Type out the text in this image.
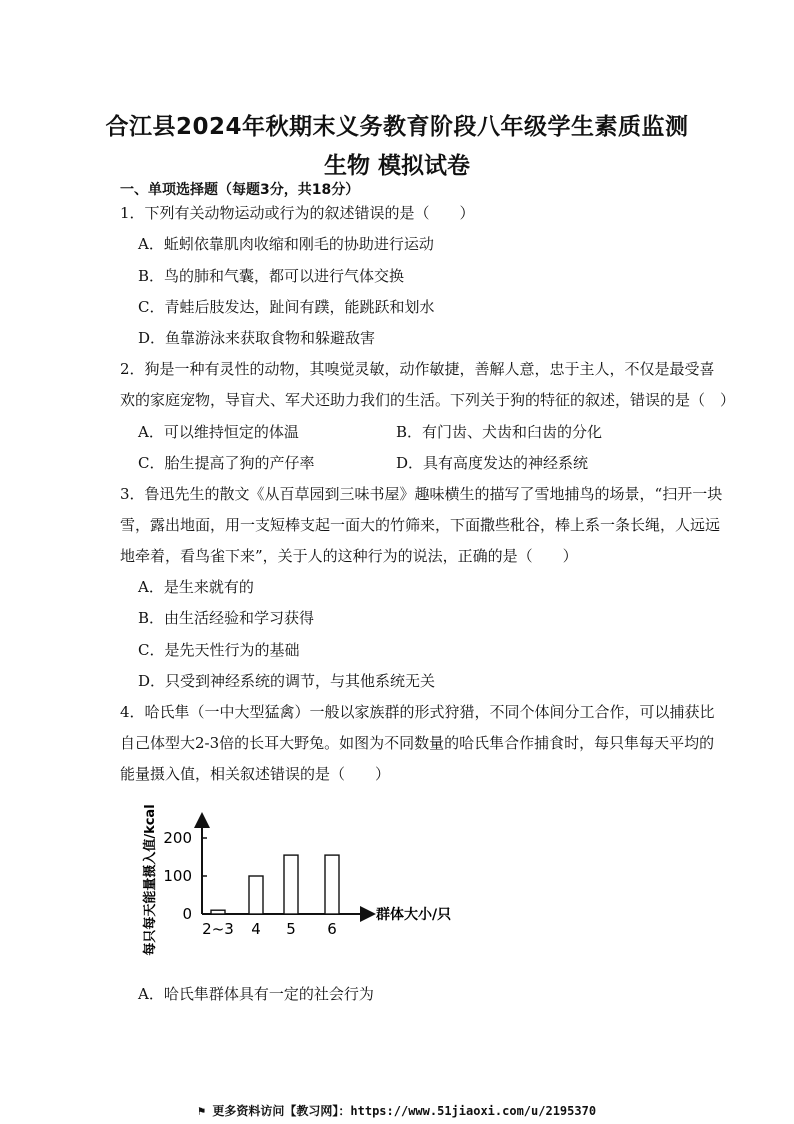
合江县2024年秋期末义务教育阶段八年级学生素质监测
生物 模拟试卷
一、单项选择题（每题3分，共18分）
1．下列有关动物运动或行为的叙述错误的是（　　）
A．蚯蚓依靠肌肉收缩和刚毛的协助进行运动
B．鸟的肺和气囊，都可以进行气体交换
C．青蛙后肢发达，趾间有蹼，能跳跃和划水
D．鱼靠游泳来获取食物和躲避敌害
2．狗是一种有灵性的动物，其嗅觉灵敏，动作敏捷，善解人意，忠于主人，不仅是最受喜
欢的家庭宠物，导盲犬、军犬还助力我们的生活。下列关于狗的特征的叙述，错误的是（　）
A．可以维持恒定的体温	B．有门齿、犬齿和臼齿的分化
C．胎生提高了狗的产仔率	D．具有高度发达的神经系统
3．鲁迅先生的散文《从百草园到三味书屋》趣味横生的描写了雪地捕鸟的场景，“扫开一块
雪，露出地面，用一支短棒支起一面大的竹筛来，下面撒些秕谷，棒上系一条长绳，人远远
地牵着，看鸟雀下来”，关于人的这种行为的说法，正确的是（　　）
A．是生来就有的
B．由生活经验和学习获得
C．是先天性行为的基础
D．只受到神经系统的调节，与其他系统无关
4．哈氏隼（一中大型猛禽）一般以家族群的形式狩猎，不同个体间分工合作，可以捕获比
自己体型大2-3倍的长耳大野兔。如图为不同数量的哈氏隼合作捕食时，每只隼每天平均的
能量摄入值，相关叙述错误的是（　　）
0
100
200
2~3 4 5 6
群体大小/只
每只每天能量摄入值/kcal
A．哈氏隼群体具有一定的社会行为
⚑ 更多资料访问【教习网】：https://www.51jiaoxi.com/u/2195370
